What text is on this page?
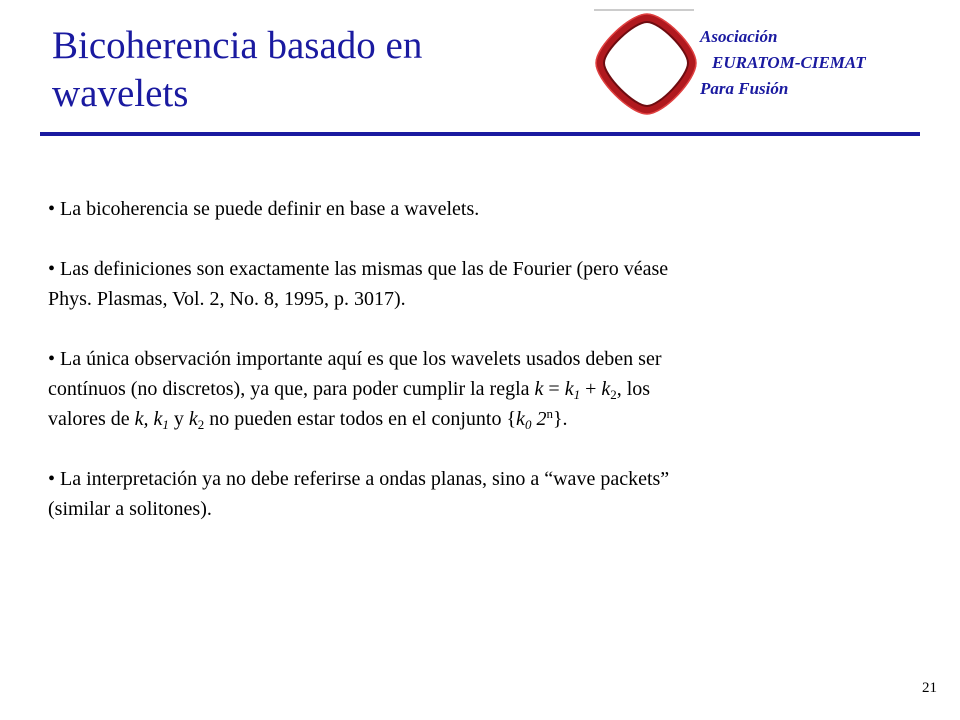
Bicoherencia basado en
wavelets
Asociación
EURATOM-CIEMAT
Para Fusión

• La bicoherencia se puede definir en base a wavelets.

• Las definiciones son exactamente las mismas que las de Fourier (pero véase
Phys. Plasmas, Vol. 2, No. 8, 1995, p. 3017).

• La única observación importante aquí es que los wavelets usados deben ser
contínuos (no discretos), ya que, para poder cumplir la regla $k = k_1 + k_2$, los
valores de k, $k_1$ y $k_2$ no pueden estar todos en el conjunto {$k_0$ 2$^n$}.

• La interpretación ya no debe referirse a ondas planas, sino a “wave packets”
(similar a solitones).

21
